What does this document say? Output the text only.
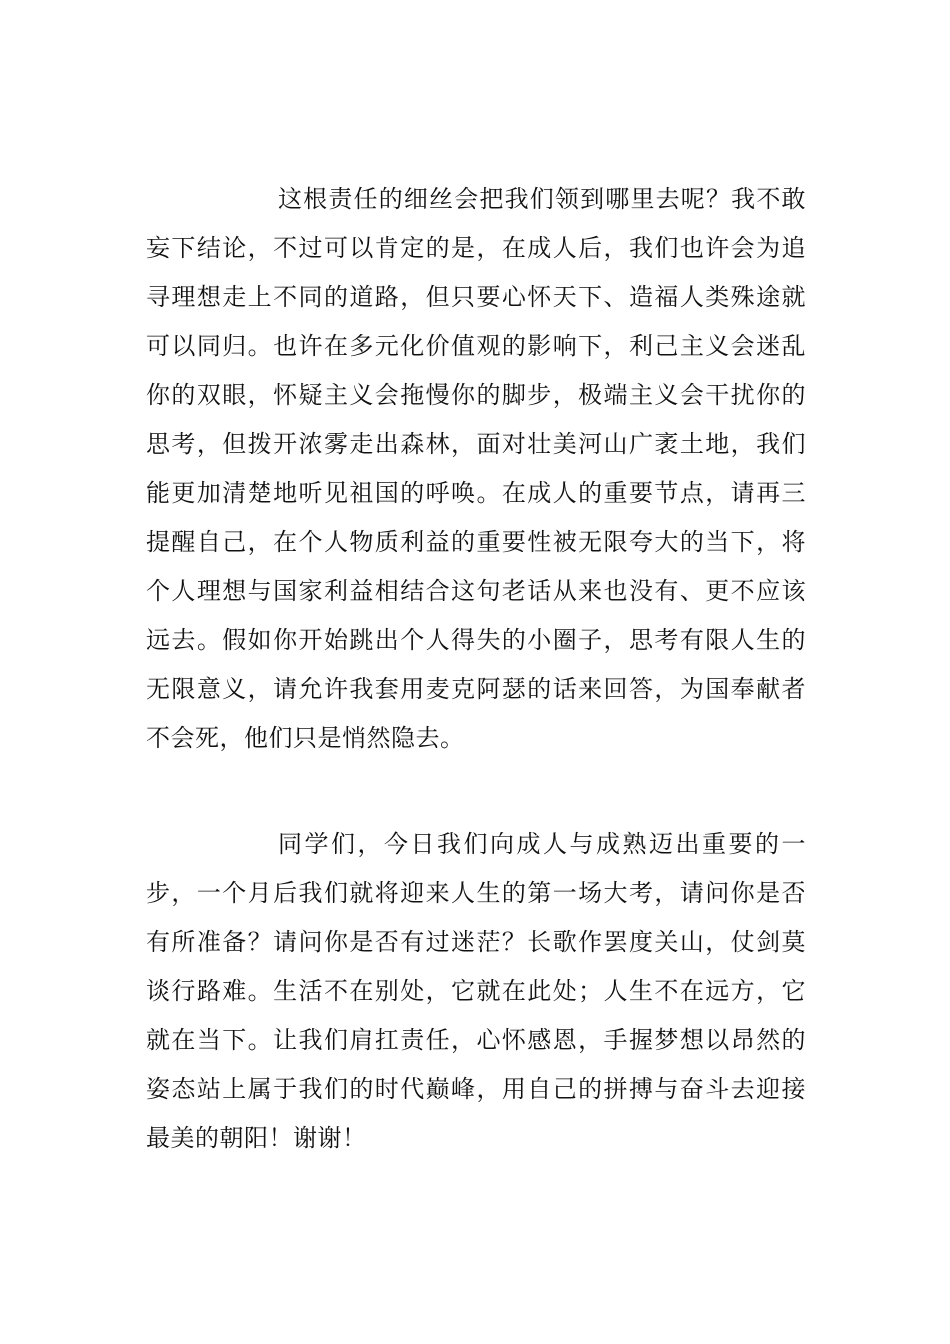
这根责任的细丝会把我们领到哪里去呢？我不敢妄下结论，不过可以肯定的是，在成人后，我们也许会为追寻理想走上不同的道路，但只要心怀天下、造福人类殊途就可以同归。也许在多元化价值观的影响下，利己主义会迷乱你的双眼，怀疑主义会拖慢你的脚步，极端主义会干扰你的思考，但拨开浓雾走出森林，面对壮美河山广袤土地，我们能更加清楚地听见祖国的呼唤。在成人的重要节点，请再三提醒自己，在个人物质利益的重要性被无限夸大的当下，将个人理想与国家利益相结合这句老话从来也没有、更不应该远去。假如你开始跳出个人得失的小圈子，思考有限人生的无限意义，请允许我套用麦克阿瑟的话来回答，为国奉献者不会死，他们只是悄然隐去。

同学们，今日我们向成人与成熟迈出重要的一步，一个月后我们就将迎来人生的第一场大考，请问你是否有所准备？请问你是否有过迷茫？长歌作罢度关山，仗剑莫谈行路难。生活不在别处，它就在此处；人生不在远方，它就在当下。让我们肩扛责任，心怀感恩，手握梦想以昂然的姿态站上属于我们的时代巅峰，用自己的拼搏与奋斗去迎接最美的朝阳！谢谢！
